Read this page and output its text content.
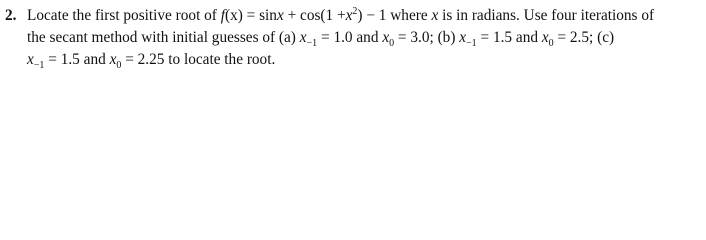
2. Locate the first positive root of $f(x) = \sin x + \cos(1 +x^2) - 1$ where x is in radians. Use four iterations of
the secant method with initial guesses of (a) $x_{-1} = 1.0$ and $x_0 = 3.0$; (b) $x_{-1} = 1.5$ and $x_0 = 2.5$; (c)
$x_{-1} = 1.5$ and $x_0 = 2.25$ to locate the root.
